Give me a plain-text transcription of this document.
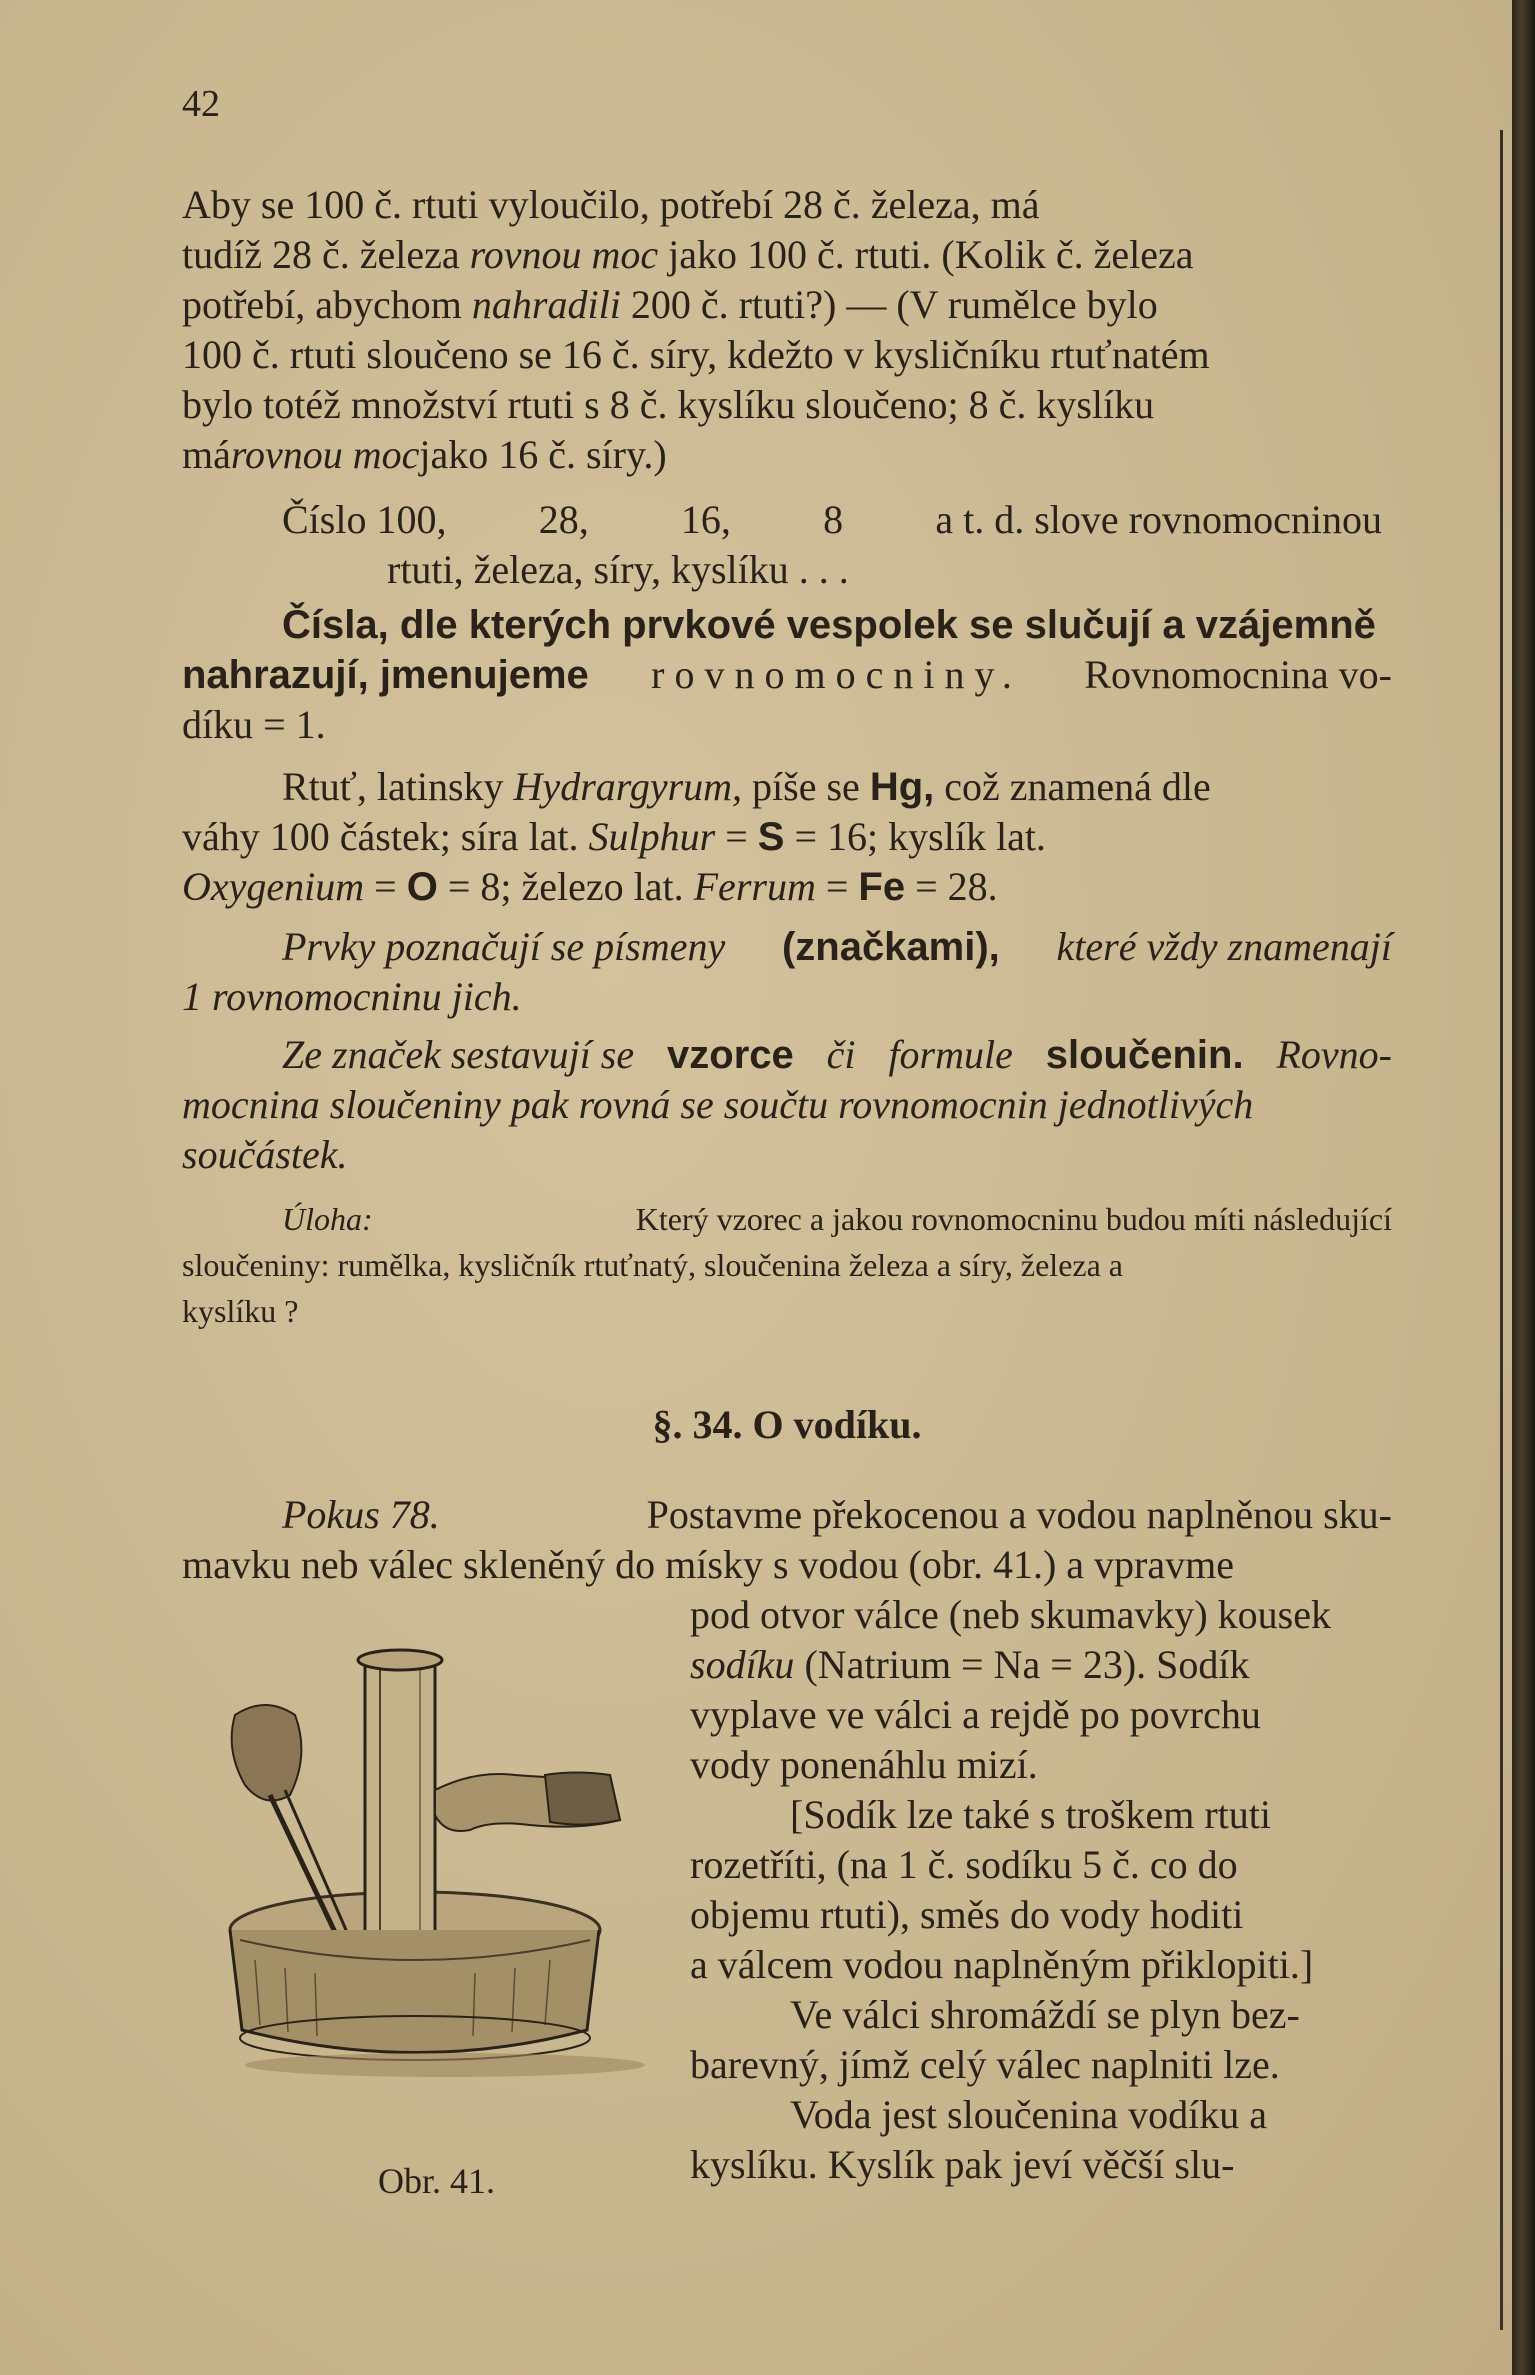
42
Aby se 100 č. rtuti vyloučilo, potřebí 28 č. železa, má
tudíž 28 č. železa rovnou moc jako 100 č. rtuti. (Kolik č. železa
potřebí, abychom nahradili 200 č. rtuti?) — (V rumělce bylo
100 č. rtuti sloučeno se 16 č. síry, kdežto v kysličníku rtuťnatém
bylo totéž množství rtuti s 8 č. kyslíku sloučeno; 8 č. kyslíku
má rovnou moc jako 16 č. síry.)
Číslo 100, 28, 16, 8 a t. d. slove rovnomocninou
rtuti, železa, síry, kyslíku . . .
Čísla, dle kterých prvkové vespolek se slučují a vzájemně
nahrazují, jmenujeme rovnomocniny. Rovnomocnina vo-
díku = 1.
Rtuť, latinsky Hydrargyrum, píše se Hg, což znamená dle
váhy 100 částek; síra lat. Sulphur = S = 16; kyslík lat.
Oxygenium = O = 8; železo lat. Ferrum = Fe = 28.
Prvky poznačují se písmeny (značkami), které vždy znamenají
1 rovnomocninu jich.
Ze značek sestavují se vzorce či formule sloučenin. Rovno-
mocnina sloučeniny pak rovná se součtu rovnomocnin jednotlivých
součástek.
Úloha:	Který vzorec a jakou rovnomocninu budou míti následující
sloučeniny: rumělka, kysličník rtuťnatý, sloučenina železa a síry, železa a
kyslíku ?
§. 34. O vodíku.
Pokus 78.	Postavme překocenou a vodou naplněnou sku-
mavku neb válec skleněný do mísky s vodou (obr. 41.) a vpravme
pod otvor válce (neb skumavky) kousek
sodíku (Natrium = Na = 23). Sodík
vyplave ve válci a rejdě po povrchu
vody ponenáhlu mizí.
[Sodík lze také s troškem rtuti
rozetříti, (na 1 č. sodíku 5 č. co do
objemu rtuti), směs do vody hoditi
a válcem vodou naplněným přiklopiti.]
Ve válci shromáždí se plyn bez-
barevný, jímž celý válec naplniti lze.
Voda jest sloučenina vodíku a
kyslíku. Kyslík pak jeví věčší slu-
Obr. 41.
